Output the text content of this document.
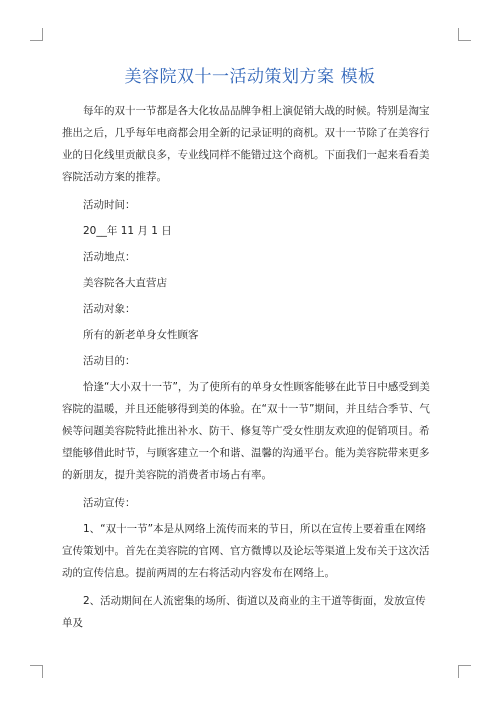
美容院双十一活动策划方案 模板

每年的双十一节都是各大化妆品品牌争相上演促销大战的时候。特别是淘宝推出之后，几乎每年电商都会用全新的记录证明的商机。双十一节除了在美容行业的日化线里贡献良多，专业线同样不能错过这个商机。下面我们一起来看看美容院活动方案的推荐。

活动时间：

20__年 11 月 1 日

活动地点：

美容院各大直营店

活动对象：

所有的新老单身女性顾客

活动目的：

恰逢“大小双十一节”，为了使所有的单身女性顾客能够在此节日中感受到美容院的温暖，并且还能够得到美的体验。在“双十一节”期间，并且结合季节、气候等问题美容院特此推出补水、防干、修复等广受女性朋友欢迎的促销项目。希望能够借此时节，与顾客建立一个和谐、温馨的沟通平台。能为美容院带来更多的新朋友，提升美容院的消费者市场占有率。

活动宣传：

1、“双十一节”本是从网络上流传而来的节日，所以在宣传上要着重在网络宣传策划中。首先在美容院的官网、官方微博以及论坛等渠道上发布关于这次活动的宣传信息。提前两周的左右将活动内容发布在网络上。

2、活动期间在人流密集的场所、街道以及商业的主干道等街面，发放宣传单及
